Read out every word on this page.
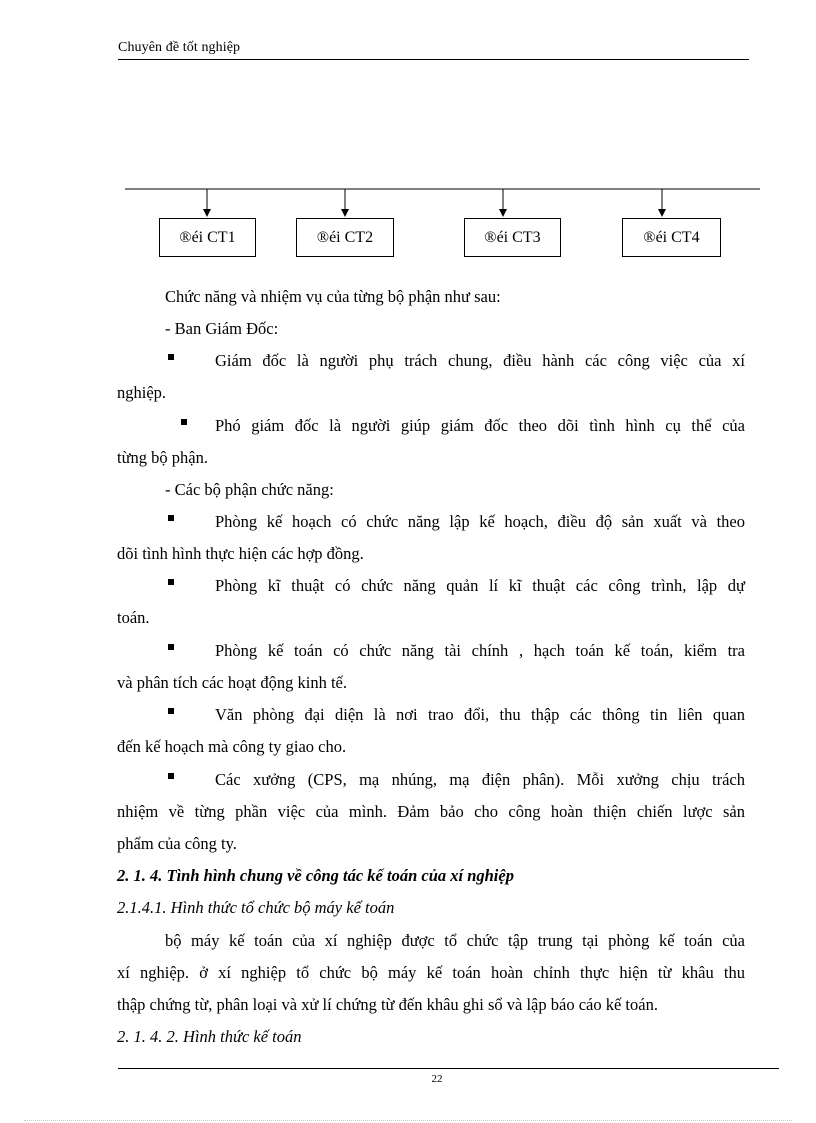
Chuyên đề tốt nghiệp
®éi CT1	®éi CT2	®éi CT3	®éi CT4
Chức năng và nhiệm vụ của từng bộ phận như sau:
- Ban Giám Đốc:
Giám đốc là người phụ trách chung, điều hành các công việc của xí
nghiệp.
Phó giám đốc là người giúp giám đốc theo dõi tình hình cụ thể của
từng bộ phận.
- Các bộ phận chức năng:
Phòng kế hoạch có chức năng lập kế hoạch, điều độ sản xuất và theo
dõi tình hình thực hiện các hợp đồng.
Phòng kĩ thuật có chức năng quản lí kĩ thuật các công trình, lập dự
toán.
Phòng kế toán có chức năng tài chính , hạch toán kế toán, kiểm tra
và phân tích các hoạt động kinh tế.
Văn phòng đại diện là nơi trao đổi, thu thập các thông tin liên quan
đến kế hoạch mà công ty giao cho.
Các xưởng (CPS, mạ nhúng, mạ điện phân). Mỗi xưởng chịu trách
nhiệm về từng phần việc của mình. Đảm bảo cho công hoàn thiện chiến lược sản
phẩm của công ty.
2. 1. 4. Tình hình chung về công tác kế toán của xí nghiệp
2.1.4.1. Hình thức tổ chức bộ máy kế toán
bộ máy kế toán của xí nghiệp được tổ chức tập trung tại phòng kế toán của
xí nghiệp. ở xí nghiệp tổ chức bộ máy kế toán hoàn chỉnh thực hiện từ khâu thu
thập chứng từ, phân loại và xử lí chứng từ đến khâu ghi sổ và lập báo cáo kế toán.
2. 1. 4. 2. Hình thức kế toán
22
